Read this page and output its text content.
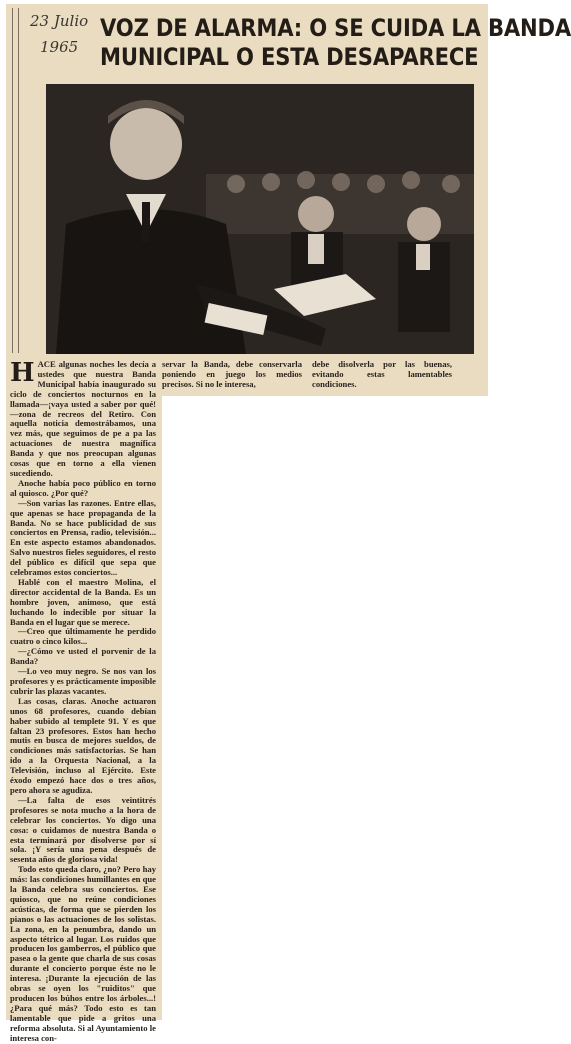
23 Julio
1965
VOZ DE ALARMA: O SE CUIDA LA BANDA
MUNICIPAL O ESTA DESAPARECE
H ACE algunas noches les decía a ustedes que nuestra Banda Municipal había inaugurado su ciclo de conciertos nocturnos en la llamada—¡vaya usted a saber por qué!—zona de recreos del Retiro. Con aquella noticia demostrábamos, una vez más, que seguimos de pe a pa las actuaciones de nuestra magnífica Banda y que nos preocupan algunas cosas que en torno a ella vienen sucediendo.

Anoche había poco público en torno al quiosco. ¿Por qué?

—Son varias las razones. Entre ellas, que apenas se hace propaganda de la Banda. No se hace publicidad de sus conciertos en Prensa, radio, televisión... En este aspecto estamos abandonados. Salvo nuestros fieles seguidores, el resto del público es difícil que sepa que celebramos estos conciertos...

Hablé con el maestro Molina, el director accidental de la Banda. Es un hombre joven, animoso, que está luchando lo indecible por situar la Banda en el lugar que se merece.

—Creo que últimamente he perdido cuatro o cinco kilos...

—¿Cómo ve usted el porvenir de la Banda?

—Lo veo muy negro. Se nos van los profesores y es prácticamente imposible cubrir las plazas vacantes.

Las cosas, claras. Anoche actuaron unos 68 profesores, cuando debían haber subido al templete 91. Y es que faltan 23 profesores. Estos han hecho mutis en busca de mejores sueldos, de condiciones más satisfactorias. Se han ido a la Orquesta Nacional, a la Televisión, incluso al Ejército. Este éxodo empezó hace dos o tres años, pero ahora se agudiza.

—La falta de esos veintitrés profesores se nota mucho a la hora de celebrar los conciertos. Yo digo una cosa: o cuidamos de nuestra Banda o esta terminará por disolverse por sí sola. ¡Y sería una pena después de sesenta años de gloriosa vida!

Todo esto queda claro, ¿no? Pero hay más: las condiciones humillantes en que la Banda celebra sus conciertos. Ese quiosco, que no reúne condiciones acústicas, de forma que se pierden los pianos o las actuaciones de los solistas. La zona, en la penumbra, dando un aspecto tétrico al lugar. Los ruidos que producen los gamberros, el público que pasea o la gente que charla de sus cosas durante el concierto porque éste no le interesa. ¡Durante la ejecución de las obras se oyen los "ruiditos" que producen los búhos entre los árboles...! ¿Para qué más? Todo esto es tan lamentable que pide a gritos una reforma absoluta. Si al Ayuntamiento le interesa con-

servar la Banda, debe conservarla poniendo en juego los medios precisos. Si no le interesa,
debe disolverla por las buenas, evitando estas lamentables condiciones.
